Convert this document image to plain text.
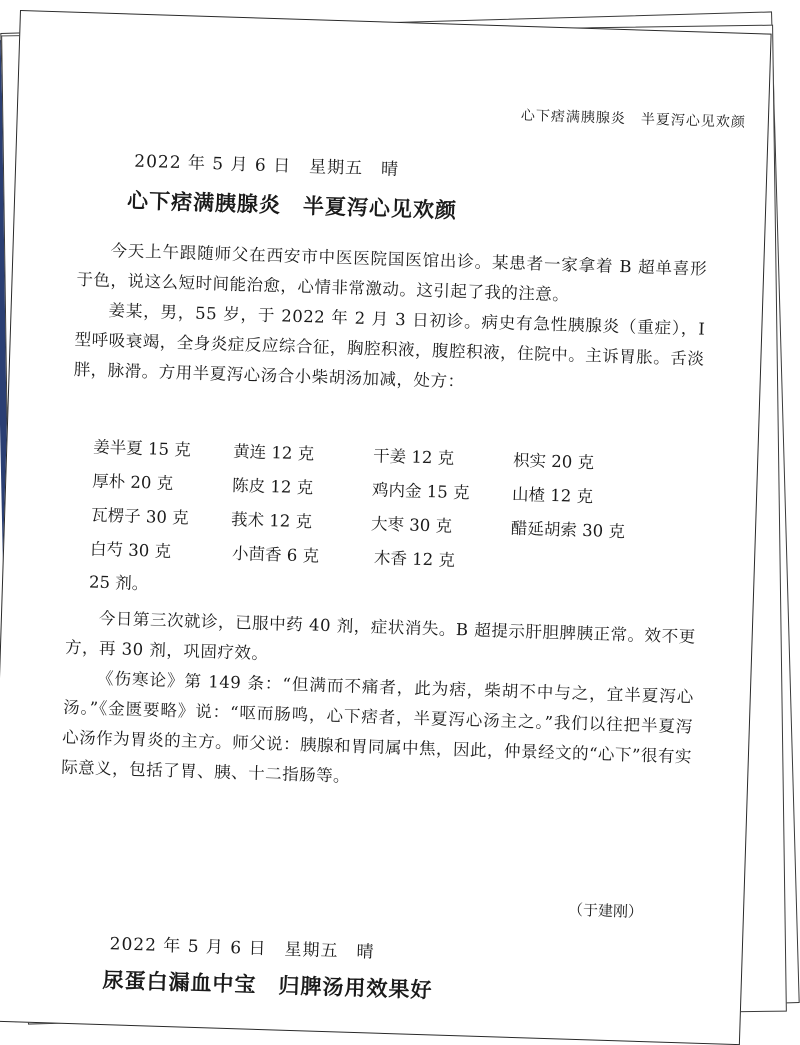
心下痞满胰腺炎　半夏泻心见欢颜
2022 年 5 月 6 日　星期五　晴
心下痞满胰腺炎　半夏泻心见欢颜

今天上午跟随师父在西安市中医医院国医馆出诊。某患者一家拿着 B 超单喜形于色，说这么短时间能治愈，心情非常激动。这引起了我的注意。

姜某，男，55 岁，于 2022 年 2 月 3 日初诊。病史有急性胰腺炎（重症），Ⅰ型呼吸衰竭，全身炎症反应综合征，胸腔积液，腹腔积液，住院中。主诉胃胀。舌淡胖，脉滑。方用半夏泻心汤合小柴胡汤加减，处方：

姜半夏 15 克	黄连 12 克	干姜 12 克	枳实 20 克
厚朴 20 克	陈皮 12 克	鸡内金 15 克	山楂 12 克
瓦楞子 30 克	莪术 12 克	大枣 30 克	醋延胡索 30 克
白芍 30 克	小茴香 6 克	木香 12 克
25 剂。

今日第三次就诊，已服中药 40 剂，症状消失。B 超提示肝胆脾胰正常。效不更方，再 30 剂，巩固疗效。

《伤寒论》第 149 条：“但满而不痛者，此为痞，柴胡不中与之，宜半夏泻心汤。”《金匮要略》说：“呕而肠鸣，心下痞者，半夏泻心汤主之。”我们以往把半夏泻心汤作为胃炎的主方。师父说：胰腺和胃同属中焦，因此，仲景经文的“心下”很有实际意义，包括了胃、胰、十二指肠等。

（于建刚）
2022 年 5 月 6 日　星期五　晴
尿蛋白漏血中宝　归脾汤用效果好
